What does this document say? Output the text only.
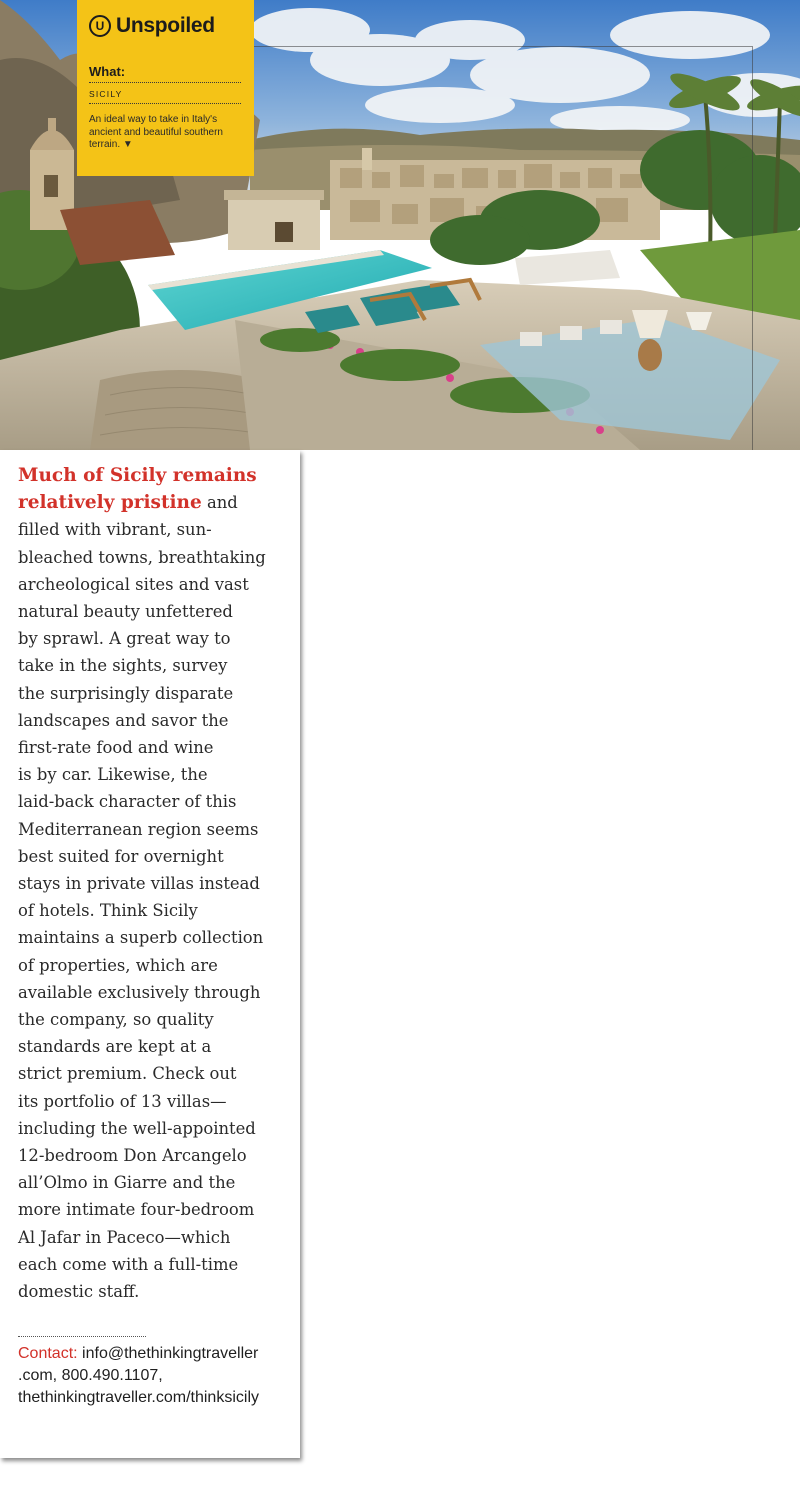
U Unspoiled
What:
SICILY
An ideal way to take in Italy's ancient and beautiful southern terrain. ▼

Much of Sicily remains
relatively pristine and
filled with vibrant, sun-
bleached towns, breathtaking
archeological sites and vast
natural beauty unfettered
by sprawl. A great way to
take in the sights, survey
the surprisingly disparate
landscapes and savor the
first-rate food and wine
is by car. Likewise, the
laid-back character of this
Mediterranean region seems
best suited for overnight
stays in private villas instead
of hotels. Think Sicily
maintains a superb collection
of properties, which are
available exclusively through
the company, so quality
standards are kept at a
strict premium. Check out
its portfolio of 13 villas—
including the well-appointed
12-bedroom Don Arcangelo
all’Olmo in Giarre and the
more intimate four-bedroom
Al Jafar in Paceco—which
each come with a full-time
domestic staff.

Contact: info@thethinkingtraveller
.com, 800.490.1107,
thethinkingtraveller.com/thinksicily
